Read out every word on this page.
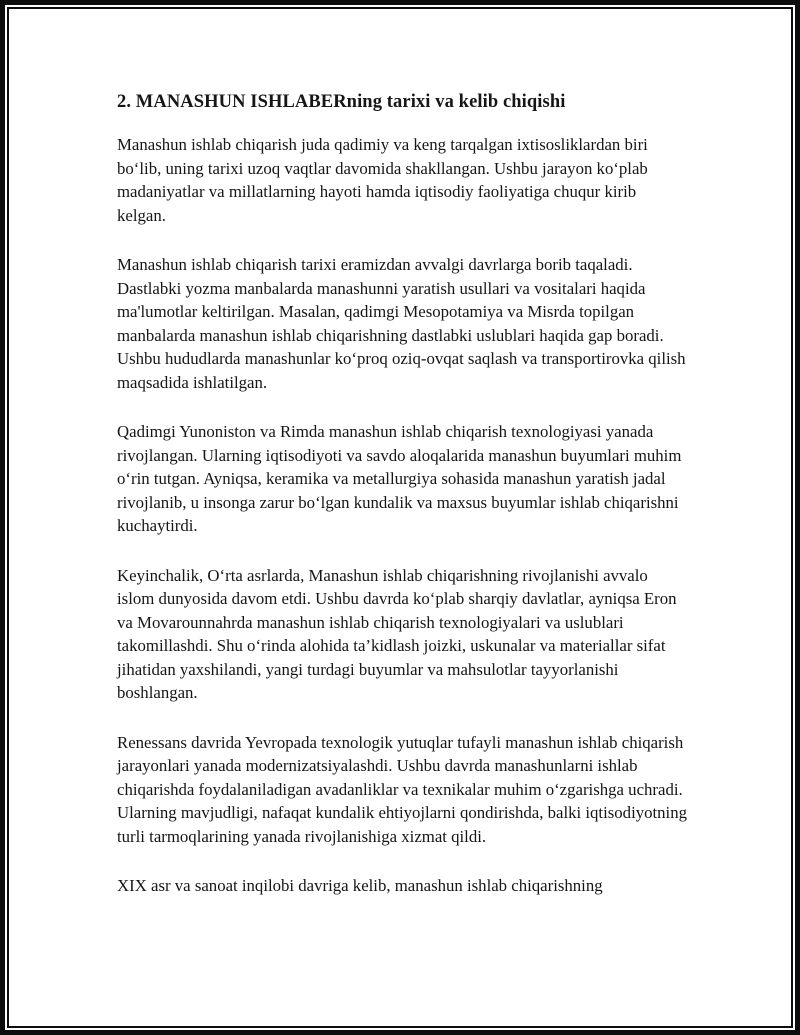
2. MANASHUN ISHLABERning tarixi va kelib chiqishi

Manashun ishlab chiqarish juda qadimiy va keng tarqalgan ixtisosliklardan biri bo‘lib, uning tarixi uzoq vaqtlar davomida shakllangan. Ushbu jarayon ko‘plab madaniyatlar va millatlarning hayoti hamda iqtisodiy faoliyatiga chuqur kirib kelgan.

Manashun ishlab chiqarish tarixi eramizdan avvalgi davrlarga borib taqaladi. Dastlabki yozma manbalarda manashunni yaratish usullari va vositalari haqida ma'lumotlar keltirilgan. Masalan, qadimgi Mesopotamiya va Misrda topilgan manbalarda manashun ishlab chiqarishning dastlabki uslublari haqida gap boradi. Ushbu hududlarda manashunlar ko‘proq oziq-ovqat saqlash va transportirovka qilish maqsadida ishlatilgan.

Qadimgi Yunoniston va Rimda manashun ishlab chiqarish texnologiyasi yanada rivojlangan. Ularning iqtisodiyoti va savdo aloqalarida manashun buyumlari muhim o‘rin tutgan. Ayniqsa, keramika va metallurgiya sohasida manashun yaratish jadal rivojlanib, u insonga zarur bo‘lgan kundalik va maxsus buyumlar ishlab chiqarishni kuchaytirdi.

Keyinchalik, O‘rta asrlarda, Manashun ishlab chiqarishning rivojlanishi avvalo islom dunyosida davom etdi. Ushbu davrda ko‘plab sharqiy davlatlar, ayniqsa Eron va Movarounnahrda manashun ishlab chiqarish texnologiyalari va uslublari takomillashdi. Shu o‘rinda alohida ta’kidlash joizki, uskunalar va materiallar sifat jihatidan yaxshilandi, yangi turdagi buyumlar va mahsulotlar tayyorlanishi boshlangan.

Renessans davrida Yevropada texnologik yutuqlar tufayli manashun ishlab chiqarish jarayonlari yanada modernizatsiyalashdi. Ushbu davrda manashunlarni ishlab chiqarishda foydalaniladigan avadanliklar va texnikalar muhim o‘zgarishga uchradi. Ularning mavjudligi, nafaqat kundalik ehtiyojlarni qondirishda, balki iqtisodiyotning turli tarmoqlarining yanada rivojlanishiga xizmat qildi.

XIX asr va sanoat inqilobi davriga kelib, manashun ishlab chiqarishning
